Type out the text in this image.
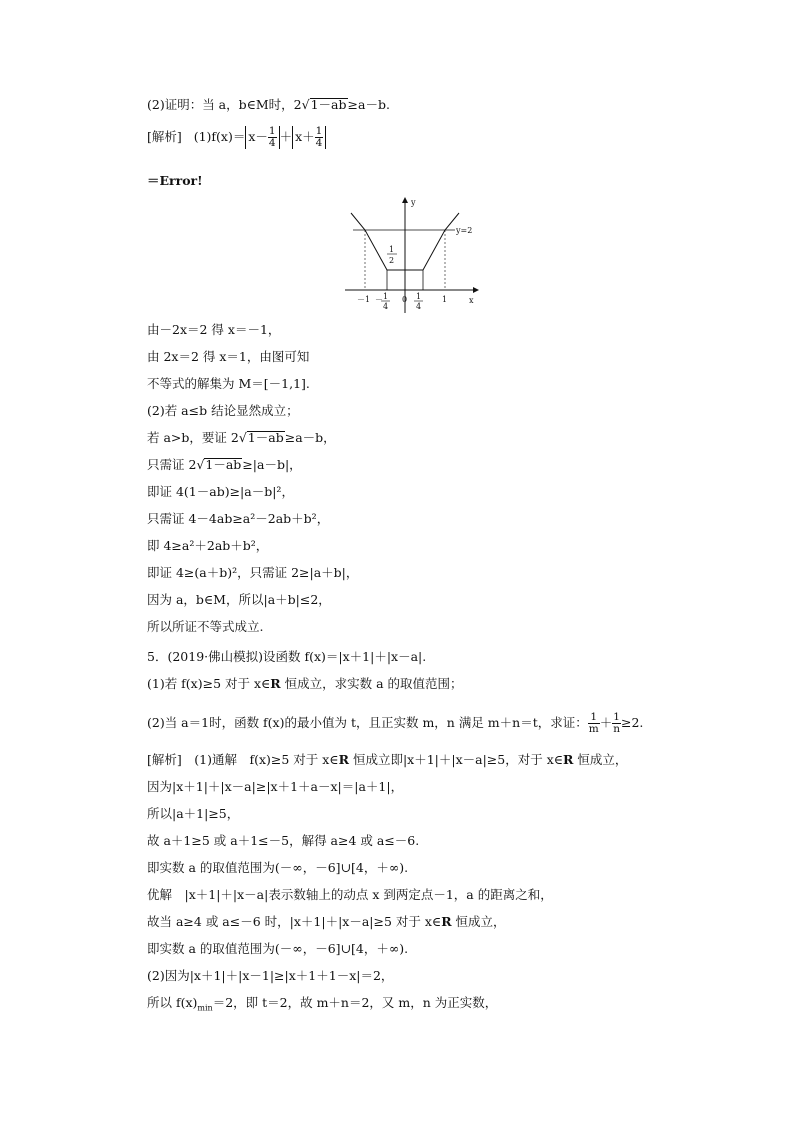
(2)证明：当 a，b∈M时，2√1－ab≥a－b.
[解析] $(1)f(x)= x- \frac{1}{4} + x+ \frac{1}{4}$
＝Error!
y
x
y=2
1
2
－1 － 1
4
0 1
4
1
由－2x＝2 得 x＝－1，
由 2x＝2 得 x＝1，由图可知
不等式的解集为 M＝[－1,1].
(2)若 a≤b 结论显然成立；
若 a>b，要证 2√1－ab≥a－b，
只需证 2√1－ab≥|a－b|，
即证 4(1－ab)≥|a－b|²，
只需证 4－4ab≥a²－2ab＋b²，
即 4≥a²＋2ab＋b²，
即证 4≥(a＋b)²，只需证 2≥|a＋b|，
因为 a，b∈M，所以|a＋b|≤2，
所以所证不等式成立.
5．(2019·佛山模拟)设函数 f(x)＝|x＋1|＋|x－a|.
(1)若 f(x)≥5 对于 x∈R 恒成立，求实数 a 的取值范围；
(2)当 a＝1时，函数 f(x)的最小值为 t，且正实数 m，n 满足 m＋n＝t，求证： $\frac{1}{m} + \frac{1}{n} \ge 2$.
[解析]　(1)通解　f(x)≥5 对于 x∈R 恒成立即|x＋1|＋|x－a|≥5，对于 x∈R 恒成立，
因为|x＋1|＋|x－a|≥|x＋1＋a－x|＝|a＋1|，
所以|a＋1|≥5，
故 a＋1≥5 或 a＋1≤－5，解得 a≥4 或 a≤－6.
即实数 a 的取值范围为(－∞，－6]∪[4，＋∞).
优解　|x＋1|＋|x－a|表示数轴上的动点 x 到两定点－1，a 的距离之和，
故当 a≥4 或 a≤－6 时，|x＋1|＋|x－a|≥5 对于 x∈R 恒成立，
即实数 a 的取值范围为(－∞，－6]∪[4，＋∞).
(2)因为|x＋1|＋|x－1|≥|x＋1＋1－x|＝2，
所以 $f(x)_{min}=2$，即 t＝2，故 m＋n＝2，又 m，n 为正实数，
